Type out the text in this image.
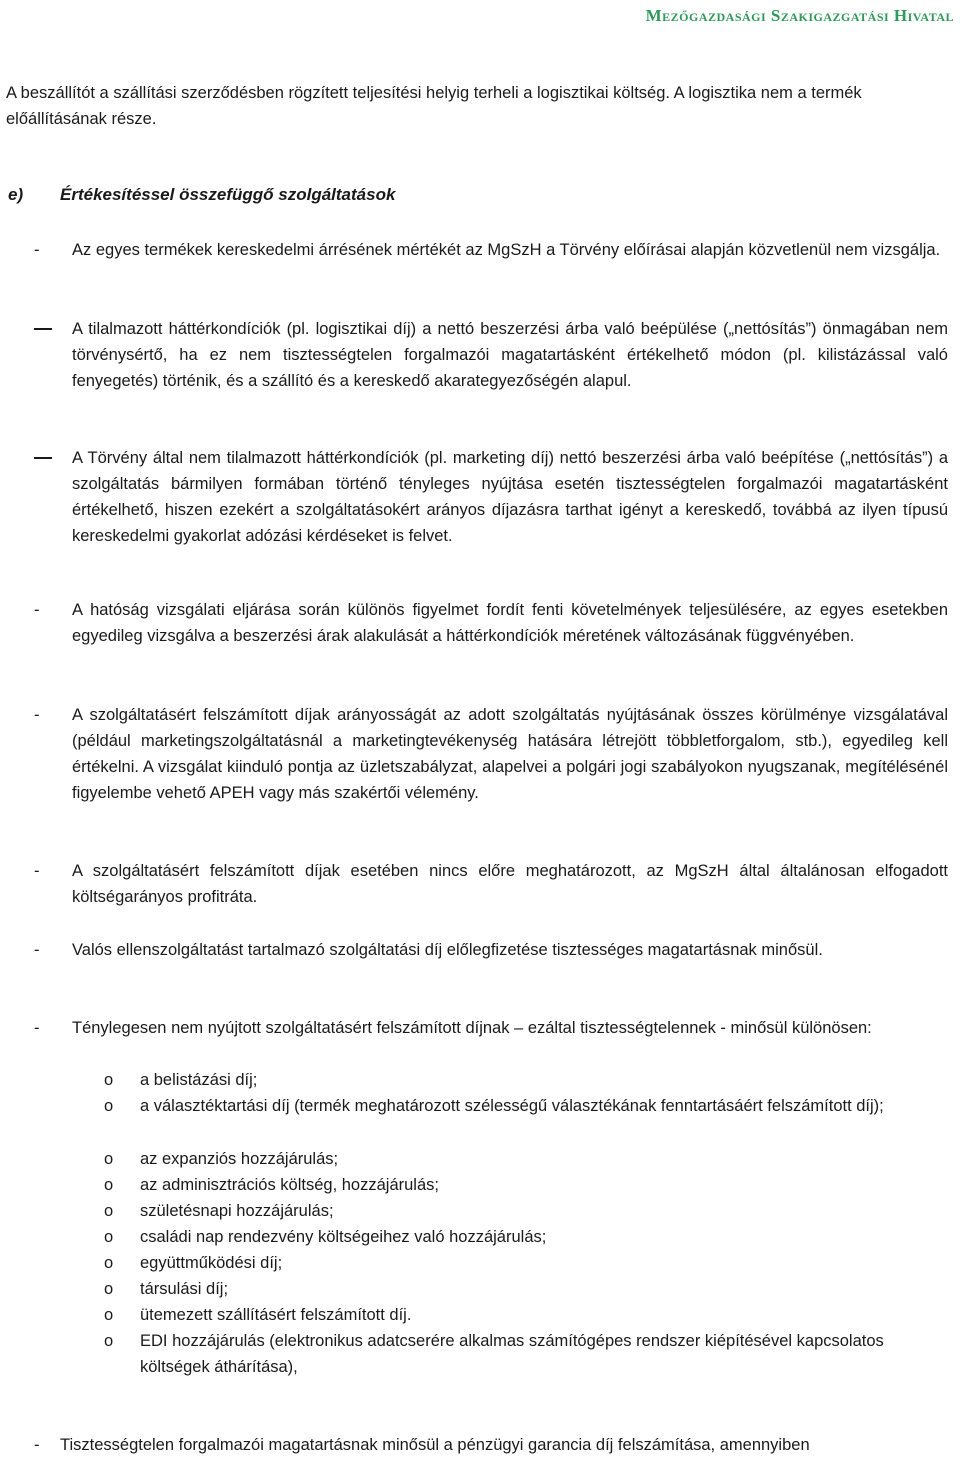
Mezőgazdasági Szakigazgatási Hivatal

A beszállítót a szállítási szerződésben rögzített teljesítési helyig terheli a logisztikai költség. A logisztika nem a termék előállításának része.

e) Értékesítéssel összefüggő szolgáltatások
-	Az egyes termékek kereskedelmi árrésének mértékét az MgSzH a Törvény előírásai alapján közvetlenül nem vizsgálja.
A tilalmazott háttérkondíciók (pl. logisztikai díj) a nettó beszerzési árba való beépülése („nettósítás”) önmagában nem törvénysértő, ha ez nem tisztességtelen forgalmazói magatartásként értékelhető módon (pl. kilistázással való fenyegetés) történik, és a szállító és a kereskedő akarategyezőségén alapul.
A Törvény által nem tilalmazott háttérkondíciók (pl. marketing díj) nettó beszerzési árba való beépítése („nettósítás”) a szolgáltatás bármilyen formában történő tényleges nyújtása esetén tisztességtelen forgalmazói magatartásként értékelhető, hiszen ezekért a szolgáltatásokért arányos díjazásra tarthat igényt a kereskedő, továbbá az ilyen típusú kereskedelmi gyakorlat adózási kérdéseket is felvet.
-	A hatóság vizsgálati eljárása során különös figyelmet fordít fenti követelmények teljesülésére, az egyes esetekben egyedileg vizsgálva a beszerzési árak alakulását a háttérkondíciók méretének változásának függvényében.
-	A szolgáltatásért felszámított díjak arányosságát az adott szolgáltatás nyújtásának összes körülménye vizsgálatával (például marketingszolgáltatásnál a marketingtevékenység hatására létrejött többletforgalom, stb.), egyedileg kell értékelni. A vizsgálat kiinduló pontja az üzletszabályzat, alapelvei a polgári jogi szabályokon nyugszanak, megítélésénél figyelembe vehető APEH vagy más szakértői vélemény.
-	A szolgáltatásért felszámított díjak esetében nincs előre meghatározott, az MgSzH által általánosan elfogadott költségarányos profitráta.
-	Valós ellenszolgáltatást tartalmazó szolgáltatási díj előlegfizetése tisztességes magatartásnak minősül.
-	Ténylegesen nem nyújtott szolgáltatásért felszámított díjnak – ezáltal tisztességtelennek - minősül különösen:
o a belistázási díj;
o a választéktartási díj (termék meghatározott szélességű választékának fenntartásáért felszámított díj);
o az expanziós hozzájárulás;
o az adminisztrációs költség, hozzájárulás;
o születésnapi hozzájárulás;
o családi nap rendezvény költségeihez való hozzájárulás;
o együttműködési díj;
o társulási díj;
o ütemezett szállításért felszámított díj.
o EDI hozzájárulás (elektronikus adatcserére alkalmas számítógépes rendszer kiépítésével kapcsolatos költségek áthárítása),
-	Tisztességtelen forgalmazói magatartásnak minősül a pénzügyi garancia díj felszámítása, amennyiben
